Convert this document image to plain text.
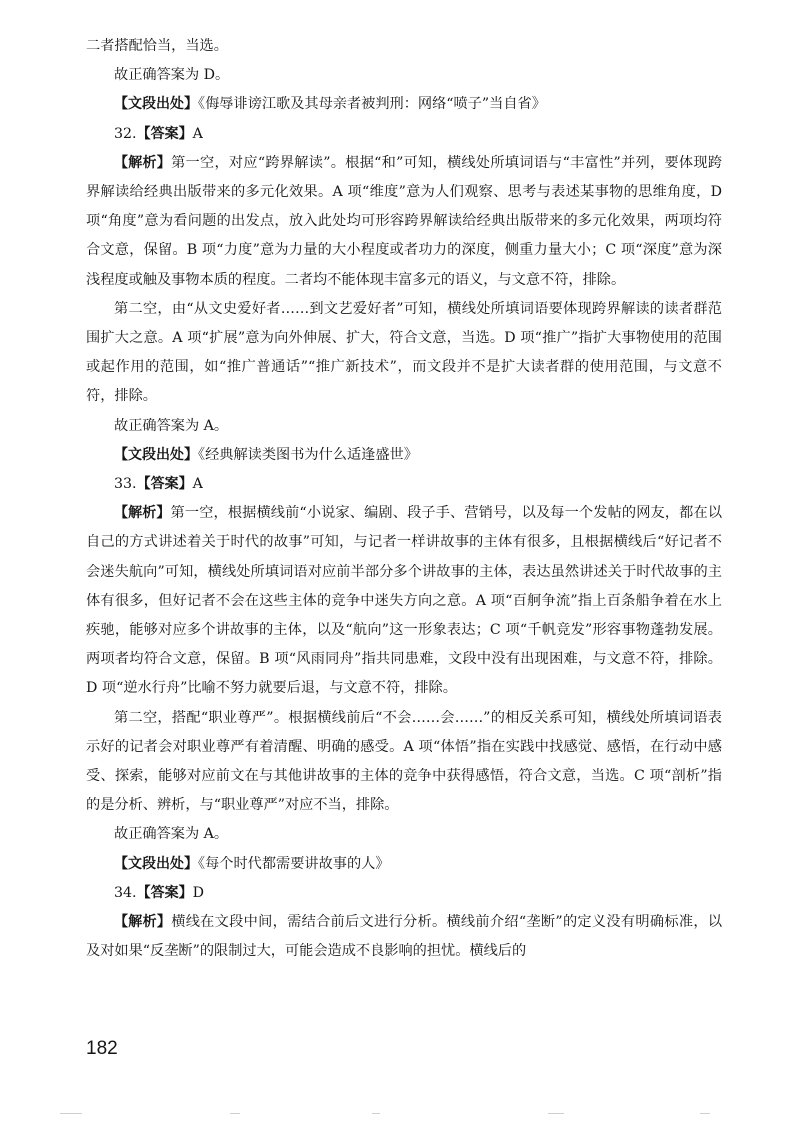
二者搭配恰当，当选。

故正确答案为 D。

【文段出处】《侮辱诽谤江歌及其母亲者被判刑：网络“喷子”当自省》

32.【答案】A

【解析】第一空，对应“跨界解读”。根据“和”可知，横线处所填词语与“丰富性”并列，要体现跨界解读给经典出版带来的多元化效果。A 项“维度”意为人们观察、思考与表述某事物的思维角度，D 项“角度”意为看问题的出发点，放入此处均可形容跨界解读给经典出版带来的多元化效果，两项均符合文意，保留。B 项“力度”意为力量的大小程度或者功力的深度，侧重力量大小；C 项“深度”意为深浅程度或触及事物本质的程度。二者均不能体现丰富多元的语义，与文意不符，排除。

第二空，由“从文史爱好者……到文艺爱好者”可知，横线处所填词语要体现跨界解读的读者群范围扩大之意。A 项“扩展”意为向外伸展、扩大，符合文意，当选。D 项“推广”指扩大事物使用的范围或起作用的范围，如“推广普通话”“推广新技术”，而文段并不是扩大读者群的使用范围，与文意不符，排除。

故正确答案为 A。

【文段出处】《经典解读类图书为什么适逢盛世》

33.【答案】A

【解析】第一空，根据横线前“小说家、编剧、段子手、营销号，以及每一个发帖的网友，都在以自己的方式讲述着关于时代的故事”可知，与记者一样讲故事的主体有很多，且根据横线后“好记者不会迷失航向”可知，横线处所填词语对应前半部分多个讲故事的主体，表达虽然讲述关于时代故事的主体有很多，但好记者不会在这些主体的竞争中迷失方向之意。A 项“百舸争流”指上百条船争着在水上疾驰，能够对应多个讲故事的主体，以及“航向”这一形象表达；C 项“千帆竞发”形容事物蓬勃发展。两项者均符合文意，保留。B 项“风雨同舟”指共同患难，文段中没有出现困难，与文意不符，排除。D 项“逆水行舟”比喻不努力就要后退，与文意不符，排除。

第二空，搭配“职业尊严”。根据横线前后“不会……会……”的相反关系可知，横线处所填词语表示好的记者会对职业尊严有着清醒、明确的感受。A 项“体悟”指在实践中找感觉、感悟，在行动中感受、探索，能够对应前文在与其他讲故事的主体的竞争中获得感悟，符合文意，当选。C 项“剖析”指的是分析、辨析，与“职业尊严”对应不当，排除。

故正确答案为 A。

【文段出处】《每个时代都需要讲故事的人》

34.【答案】D

【解析】横线在文段中间，需结合前后文进行分析。横线前介绍“垄断”的定义没有明确标准，以及对如果“反垄断”的限制过大，可能会造成不良影响的担忧。横线后的

182
